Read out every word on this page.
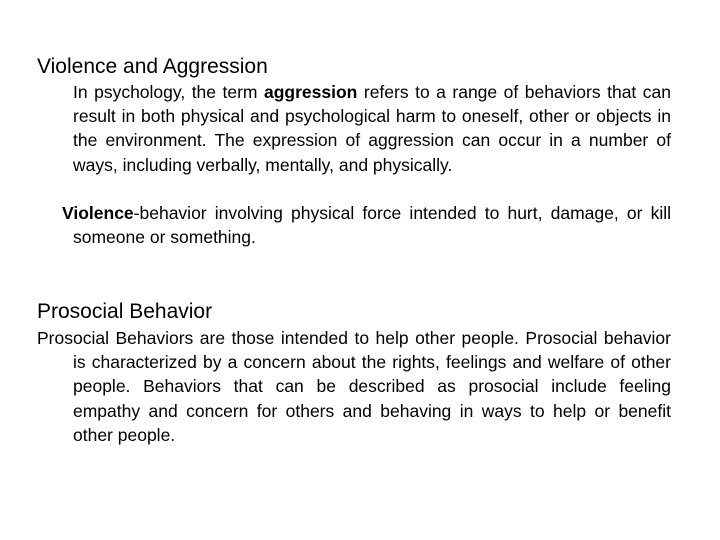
Violence and Aggression

In psychology, the term aggression refers to a range of behaviors that can result in both physical and psychological harm to oneself, other or objects in the environment. The expression of aggression can occur in a number of ways, including verbally, mentally, and physically.

Violence-behavior involving physical force intended to hurt, damage, or kill someone or something.

Prosocial Behavior

Prosocial Behaviors are those intended to help other people. Prosocial behavior is characterized by a concern about the rights, feelings and welfare of other people. Behaviors that can be described as prosocial include feeling empathy and concern for others and behaving in ways to help or benefit other people.
